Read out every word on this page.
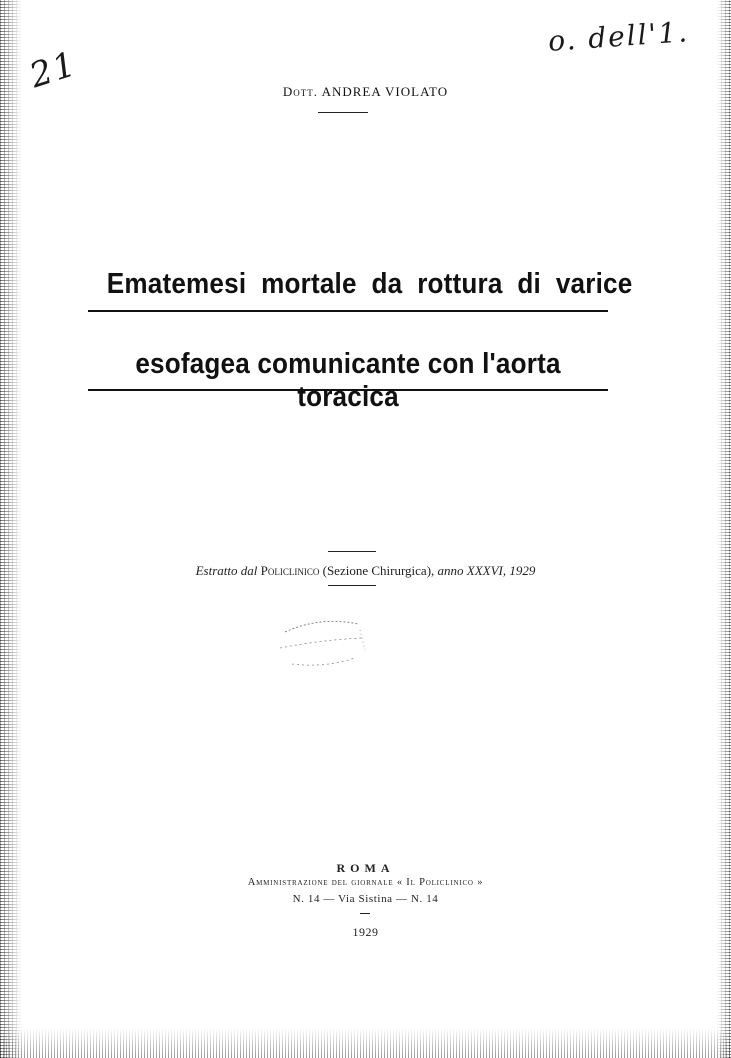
21
o. dell'1.
Dott. ANDREA VIOLATO
Ematemesi  mortale  da  rottura  di  varice
esofagea comunicante con l'aorta toracica
Estratto dal Policlinico (Sezione Chirurgica), anno XXXVI, 1929
ROMA
Amministrazione del giornale « Il Policlinico »
N. 14 — Via Sistina — N. 14
1929
